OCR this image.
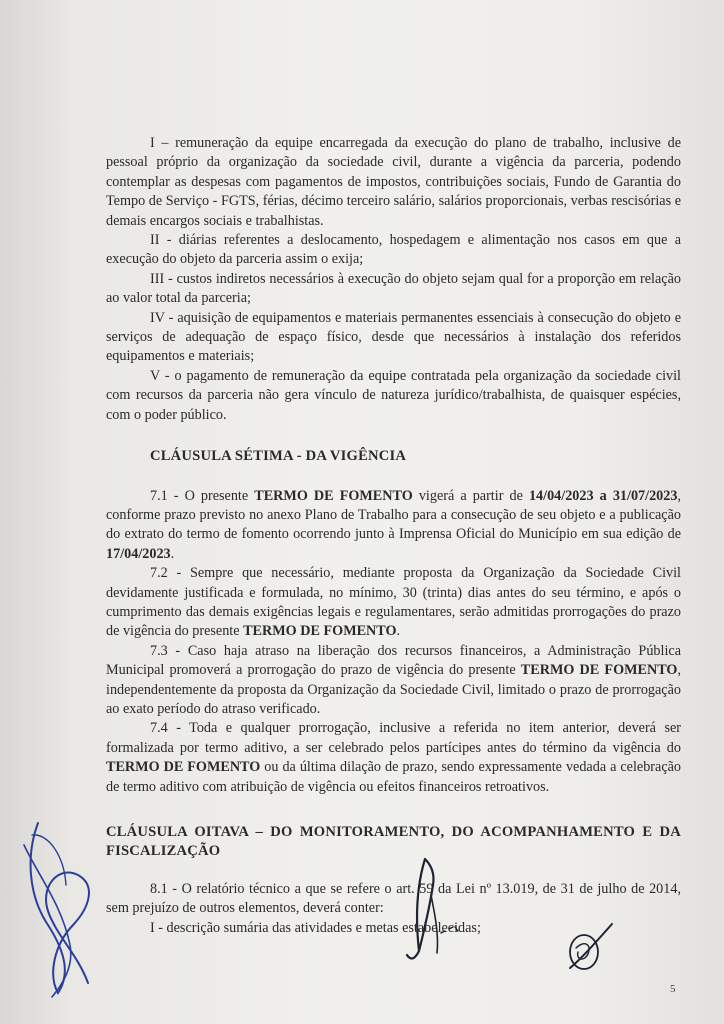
I – remuneração da equipe encarregada da execução do plano de trabalho, inclusive de pessoal próprio da organização da sociedade civil, durante a vigência da parceria, podendo contemplar as despesas com pagamentos de impostos, contribuições sociais, Fundo de Garantia do Tempo de Serviço - FGTS, férias, décimo terceiro salário, salários proporcionais, verbas rescisórias e demais encargos sociais e trabalhistas.

II - diárias referentes a deslocamento, hospedagem e alimentação nos casos em que a execução do objeto da parceria assim o exija;

III - custos indiretos necessários à execução do objeto sejam qual for a proporção em relação ao valor total da parceria;

IV - aquisição de equipamentos e materiais permanentes essenciais à consecução do objeto e serviços de adequação de espaço físico, desde que necessários à instalação dos referidos equipamentos e materiais;

V - o pagamento de remuneração da equipe contratada pela organização da sociedade civil com recursos da parceria não gera vínculo de natureza jurídico/trabalhista, de quaisquer espécies, com o poder público.

CLÁUSULA SÉTIMA - DA VIGÊNCIA

7.1 - O presente TERMO DE FOMENTO vigerá a partir de 14/04/2023 a 31/07/2023, conforme prazo previsto no anexo Plano de Trabalho para a consecução de seu objeto e a publicação do extrato do termo de fomento ocorrendo junto à Imprensa Oficial do Município em sua edição de 17/04/2023.

7.2 - Sempre que necessário, mediante proposta da Organização da Sociedade Civil devidamente justificada e formulada, no mínimo, 30 (trinta) dias antes do seu término, e após o cumprimento das demais exigências legais e regulamentares, serão admitidas prorrogações do prazo de vigência do presente TERMO DE FOMENTO.

7.3 - Caso haja atraso na liberação dos recursos financeiros, a Administração Pública Municipal promoverá a prorrogação do prazo de vigência do presente TERMO DE FOMENTO, independentemente da proposta da Organização da Sociedade Civil, limitado o prazo de prorrogação ao exato período do atraso verificado.

7.4 - Toda e qualquer prorrogação, inclusive a referida no item anterior, deverá ser formalizada por termo aditivo, a ser celebrado pelos partícipes antes do término da vigência do TERMO DE FOMENTO ou da última dilação de prazo, sendo expressamente vedada a celebração de termo aditivo com atribuição de vigência ou efeitos financeiros retroativos.

CLÁUSULA OITAVA – DO MONITORAMENTO, DO ACOMPANHAMENTO E DA FISCALIZAÇÃO

8.1 - O relatório técnico a que se refere o art. 59 da Lei nº 13.019, de 31 de julho de 2014, sem prejuízo de outros elementos, deverá conter:

I - descrição sumária das atividades e metas estabelecidas;

5
